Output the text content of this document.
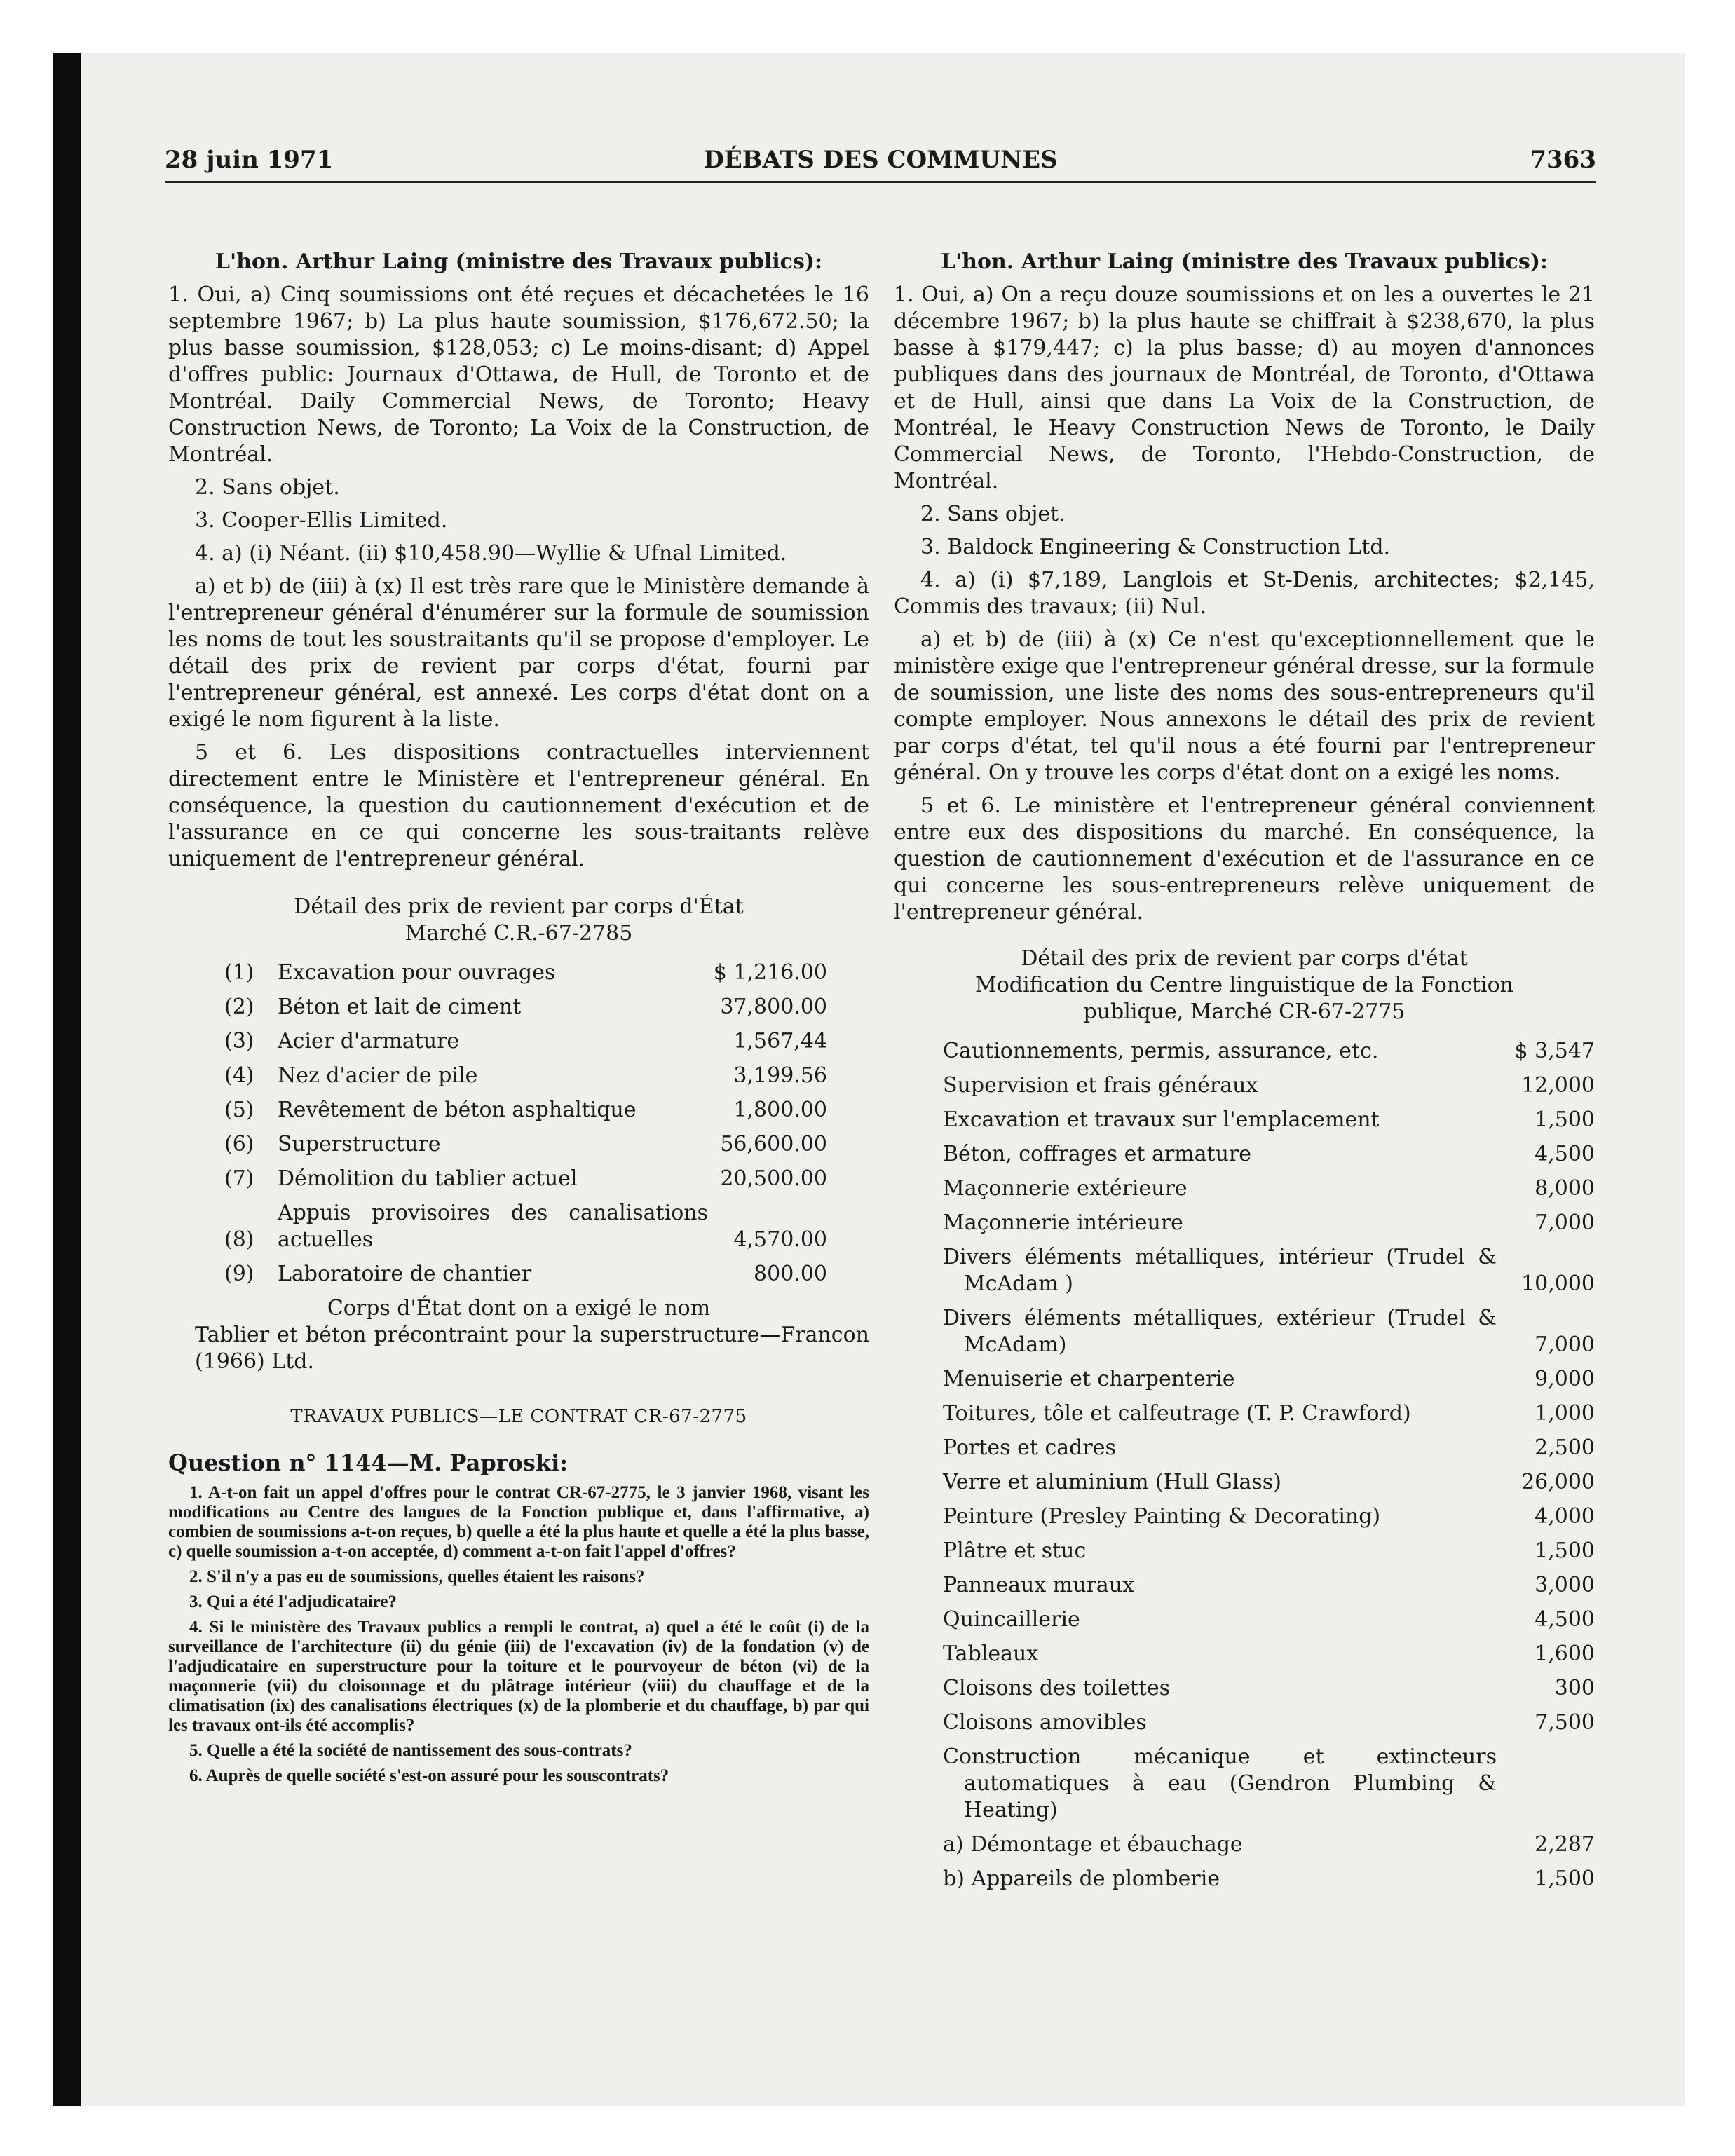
28 juin 1971	DÉBATS DES COMMUNES	7363

L'hon. Arthur Laing (ministre des Travaux publics):

1. Oui, a) Cinq soumissions ont été reçues et décachetées le 16 septembre 1967; b) La plus haute soumission, $176,672.50; la plus basse soumission, $128,053; c) Le moins-disant; d) Appel d'offres public: Journaux d'Ottawa, de Hull, de Toronto et de Montréal. Daily Commercial News, de Toronto; Heavy Construction News, de Toronto; La Voix de la Construction, de Montréal.

2. Sans objet.

3. Cooper-Ellis Limited.

4. a) (i) Néant. (ii) $10,458.90—Wyllie & Ufnal Limited.

a) et b) de (iii) à (x) Il est très rare que le Ministère demande à l'entrepreneur général d'énumérer sur la formule de soumission les noms de tout les soustraitants qu'il se propose d'employer. Le détail des prix de revient par corps d'état, fourni par l'entrepreneur général, est annexé. Les corps d'état dont on a exigé le nom figurent à la liste.

5 et 6. Les dispositions contractuelles interviennent directement entre le Ministère et l'entrepreneur général. En conséquence, la question du cautionnement d'exécution et de l'assurance en ce qui concerne les sous-traitants relève uniquement de l'entrepreneur général.

Détail des prix de revient par corps d'État
Marché C.R.-67-2785
(1)	Excavation pour ouvrages	$ 1,216.00
(2)	Béton et lait de ciment	37,800.00
(3)	Acier d'armature	1,567,44
(4)	Nez d'acier de pile	3,199.56
(5)	Revêtement de béton asphaltique	1,800.00
(6)	Superstructure	56,600.00
(7)	Démolition du tablier actuel	20,500.00
(8)
Appuis provisoires des canalisations actuelles	4,570.00
(9)	Laboratoire de chantier	800.00
Corps d'État dont on a exigé le nom

Tablier et béton précontraint pour la superstructure—Francon (1966) Ltd.

TRAVAUX PUBLICS—LE CONTRAT CR-67-2775

Question n° 1144—M. Paproski:

1. A-t-on fait un appel d'offres pour le contrat CR-67-2775, le 3 janvier 1968, visant les modifications au Centre des langues de la Fonction publique et, dans l'affirmative, a) combien de soumissions a-t-on reçues, b) quelle a été la plus haute et quelle a été la plus basse, c) quelle soumission a-t-on acceptée, d) comment a-t-on fait l'appel d'offres?

2. S'il n'y a pas eu de soumissions, quelles étaient les raisons?

3. Qui a été l'adjudicataire?

4. Si le ministère des Travaux publics a rempli le contrat, a) quel a été le coût (i) de la surveillance de l'architecture (ii) du génie (iii) de l'excavation (iv) de la fondation (v) de l'adjudicataire en superstructure pour la toiture et le pourvoyeur de béton (vi) de la maçonnerie (vii) du cloisonnage et du plâtrage intérieur (viii) du chauffage et de la climatisation (ix) des canalisations électriques (x) de la plomberie et du chauffage, b) par qui les travaux ont-ils été accomplis?

5. Quelle a été la société de nantissement des sous-contrats?

6. Auprès de quelle société s'est-on assuré pour les souscontrats?

L'hon. Arthur Laing (ministre des Travaux publics):

1. Oui, a) On a reçu douze soumissions et on les a ouvertes le 21 décembre 1967; b) la plus haute se chiffrait à $238,670, la plus basse à $179,447; c) la plus basse; d) au moyen d'annonces publiques dans des journaux de Montréal, de Toronto, d'Ottawa et de Hull, ainsi que dans La Voix de la Construction, de Montréal, le Heavy Construction News de Toronto, le Daily Commercial News, de Toronto, l'Hebdo-Construction, de Montréal.

2. Sans objet.

3. Baldock Engineering & Construction Ltd.

4. a) (i) $7,189, Langlois et St-Denis, architectes; $2,145, Commis des travaux; (ii) Nul.

a) et b) de (iii) à (x) Ce n'est qu'exceptionnellement que le ministère exige que l'entrepreneur général dresse, sur la formule de soumission, une liste des noms des sous-entrepreneurs qu'il compte employer. Nous annexons le détail des prix de revient par corps d'état, tel qu'il nous a été fourni par l'entrepreneur général. On y trouve les corps d'état dont on a exigé les noms.

5 et 6. Le ministère et l'entrepreneur général conviennent entre eux des dispositions du marché. En conséquence, la question de cautionnement d'exécution et de l'assurance en ce qui concerne les sous-entrepreneurs relève uniquement de l'entrepreneur général.

Détail des prix de revient par corps d'état
Modification du Centre linguistique de la Fonction publique, Marché CR-67-2775
Cautionnements, permis, assurance, etc.	$ 3,547
Supervision et frais généraux	12,000
Excavation et travaux sur l'emplacement	1,500
Béton, coffrages et armature	4,500
Maçonnerie extérieure	8,000
Maçonnerie intérieure	7,000
Divers éléments métalliques, intérieur (Trudel & McAdam )	10,000
Divers éléments métalliques, extérieur (Trudel & McAdam)	7,000
Menuiserie et charpenterie	9,000
Toitures, tôle et calfeutrage (T. P. Crawford)	1,000
Portes et cadres	2,500
Verre et aluminium (Hull Glass)	26,000
Peinture (Presley Painting & Decorating)	4,000
Plâtre et stuc	1,500
Panneaux muraux	3,000
Quincaillerie	4,500
Tableaux	1,600
Cloisons des toilettes	300
Cloisons amovibles	7,500
Construction mécanique et extincteurs automatiques à eau (Gendron Plumbing & Heating)
a) Démontage et ébauchage	2,287
b) Appareils de plomberie	1,500
